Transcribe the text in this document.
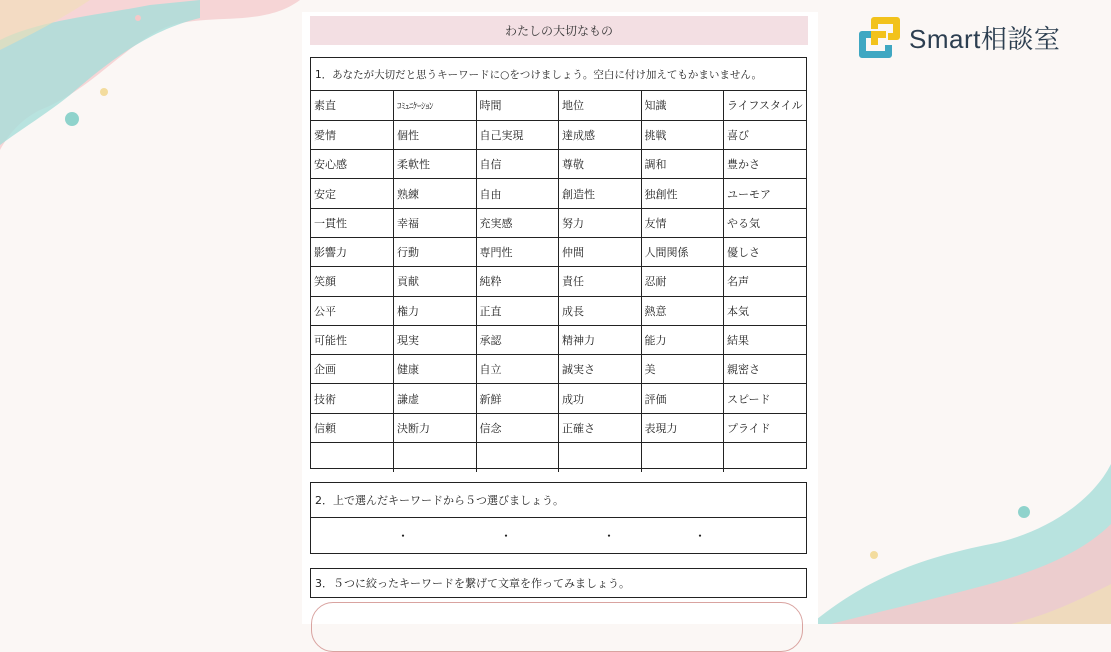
わたしの大切なもの
1．あなたが大切だと思うキーワードに○をつけましょう。空白に付け加えてもかまいません。
素直	ｺﾐｭﾆｹｰｼｮﾝ	時間	地位	知識	ライフスタイル
愛情	個性	自己実現	達成感	挑戦	喜び
安心感	柔軟性	自信	尊敬	調和	豊かさ
安定	熟練	自由	創造性	独創性	ユーモア
一貫性	幸福	充実感	努力	友情	やる気
影響力	行動	専門性	仲間	人間関係	優しさ
笑顔	貢献	純粋	責任	忍耐	名声
公平	権力	正直	成長	熱意	本気
可能性	現実	承認	精神力	能力	結果
企画	健康	自立	誠実さ	美	親密さ
技術	謙虚	新鮮	成功	評価	スピード
信頼	決断力	信念	正確さ	表現力	プライド

2．上で選んだキーワードから５つ選びましょう。
・	・	・	・
3．５つに絞ったキーワードを繋げて文章を作ってみましょう。
Smart相談室
